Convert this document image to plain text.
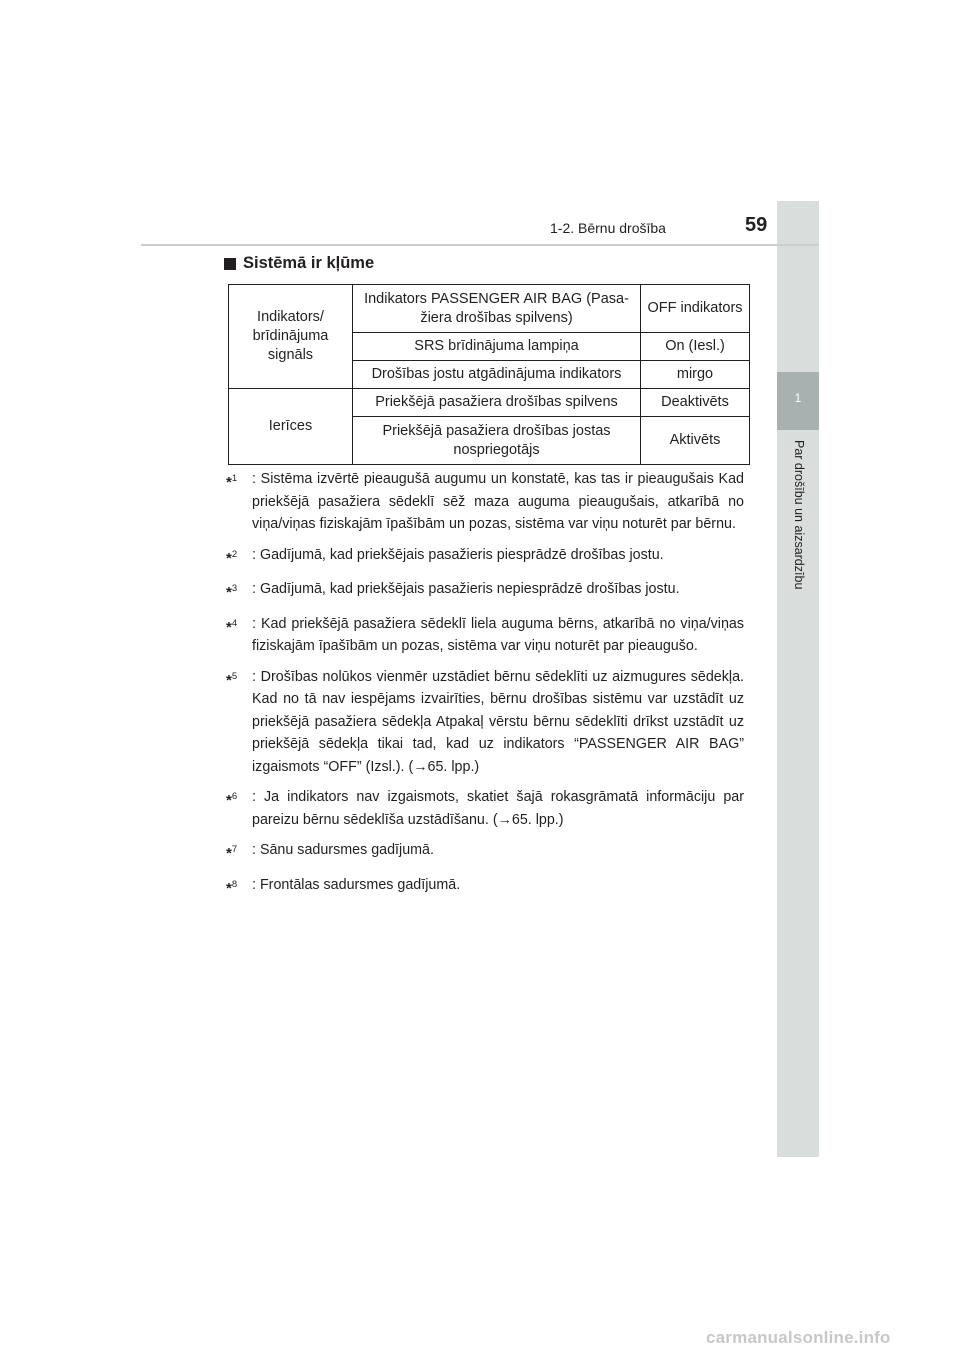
1
Par drošību un aizsardzību
1-2. Bērnu drošība	59
Sistēmā ir kļūme
Indikators/
brīdinājuma
signāls	Indikators PASSENGER AIR BAG (Pasa-
žiera drošības spilvens)	OFF indikators
	SRS brīdinājuma lampiņa	On (Iesl.)
	Drošības jostu atgādinājuma indikators	mirgo
Ierīces	Priekšējā pasažiera drošības spilvens	Deaktivēts
	Priekšējā pasažiera drošības jostas
nospriegotājs	Aktivēts
*$^1$	: Sistēma izvērtē pieaugušā augumu un konstatē, kas tas ir pieaugušais Kad priekšējā pasažiera sēdeklī sēž maza auguma pieaugušais, atkarībā no viņa/viņas fiziskajām īpašībām un pozas, sistēma var viņu noturēt par bērnu.
*$^2$	: Gadījumā, kad priekšējais pasažieris piesprādzē drošības jostu.
*$^3$	: Gadījumā, kad priekšējais pasažieris nepiesprādzē drošības jostu.
*$^4$	: Kad priekšējā pasažiera sēdeklī liela auguma bērns, atkarībā no viņa/viņas fiziskajām īpašībām un pozas, sistēma var viņu noturēt par pieaugušo.
*$^5$	: Drošības nolūkos vienmēr uzstādiet bērnu sēdeklīti uz aizmugures sēdekļa. Kad no tā nav iespējams izvairīties, bērnu drošības sistēmu var uzstādīt uz priekšējā pasažiera sēdekļa Atpakaļ vērstu bērnu sēdeklīti drīkst uzstādīt uz priekšējā sēdekļa tikai tad, kad uz indikators “PASSENGER AIR BAG” izgaismots “OFF” (Izsl.). (→65. lpp.)
*$^6$	: Ja indikators nav izgaismots, skatiet šajā rokasgrāmatā informāciju par pareizu bērnu sēdeklīša uzstādīšanu. (→65. lpp.)
*$^7$	: Sānu sadursmes gadījumā.
*$^8$	: Frontālas sadursmes gadījumā.
carmanualsonline.info
